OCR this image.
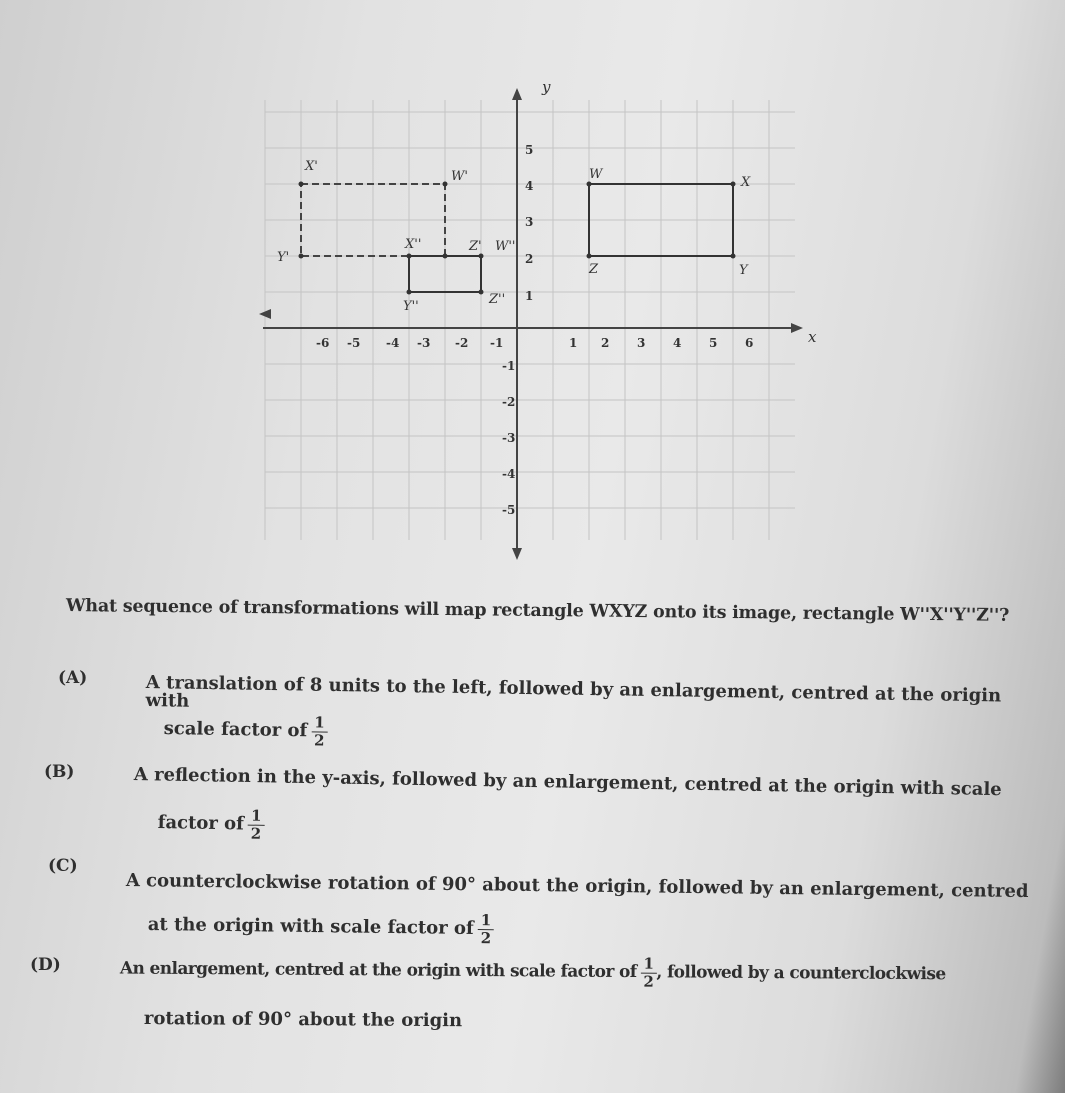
x
y
-6 -5 -4 -3 -2 -1	1 2 3 4 5 6
1
2
3
4
5
-1
-2
-3
-4
-5
W
X
Y
Z
X'
W'
Y'
Z'
X''	W''
Y''	Z''
What sequence of transformations will map rectangle WXYZ onto its image, rectangle W''X''Y''Z''?
(A)	A translation of 8 units to the left, followed by an enlargement, centred at the origin with
scale factor of $\frac{1}{2}$
(B)	A reflection in the y-axis, followed by an enlargement, centred at the origin with scale
factor of $\frac{1}{2}$
(C)
A counterclockwise rotation of 90° about the origin, followed by an enlargement, centred
at the origin with scale factor of $\frac{1}{2}$
(D)	An enlargement, centred at the origin with scale factor of $\frac{1}{2}$ , followed by a counterclockwise
rotation of 90° about the origin
